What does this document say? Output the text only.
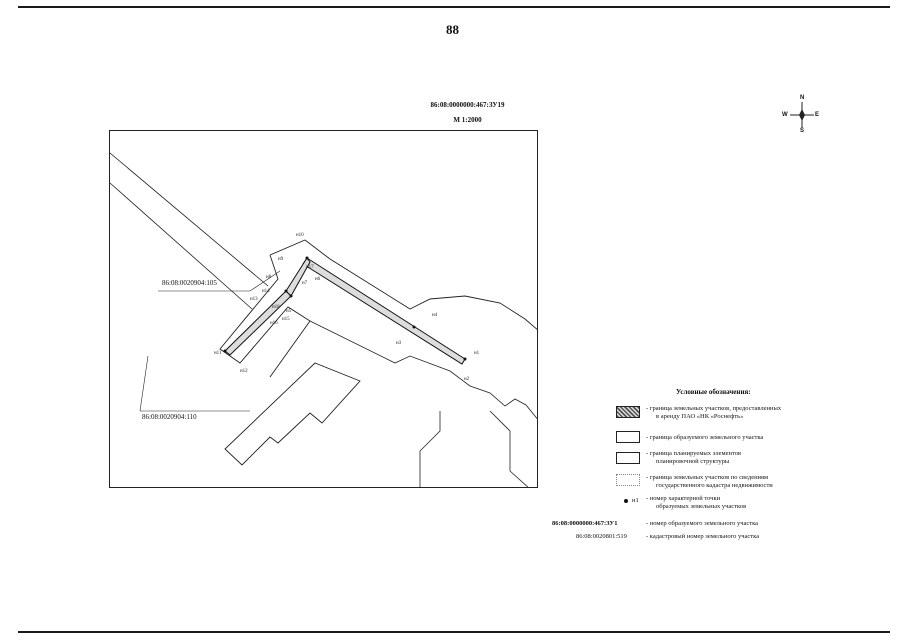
88
86:08:0000000:467:ЗУ19
М 1:2000
N
S
W	E
86:08:0020904:105
86:08:0020904:110
н10
н9
н8
н7
н6
н5
н4
н3
н2
н1
н11
н12
н13
н14
н15
н16
н17
н18
Условные обозначения:
- граница земельных участков, предоставленных
в аренду ПАО «НК «Роснефть»
- граница образуемого земельного участка
- граница планируемых элементов
планировочной структуры
- граница земельных участков по сведениям
государственного кадастра недвижимости
н1 - номер характерной точки
образуемых земельных участков
86:08:0000000:467:ЗУ1	- номер образуемого земельного участка
86:08:0020801:519	- кадастровый номер земельного участка
